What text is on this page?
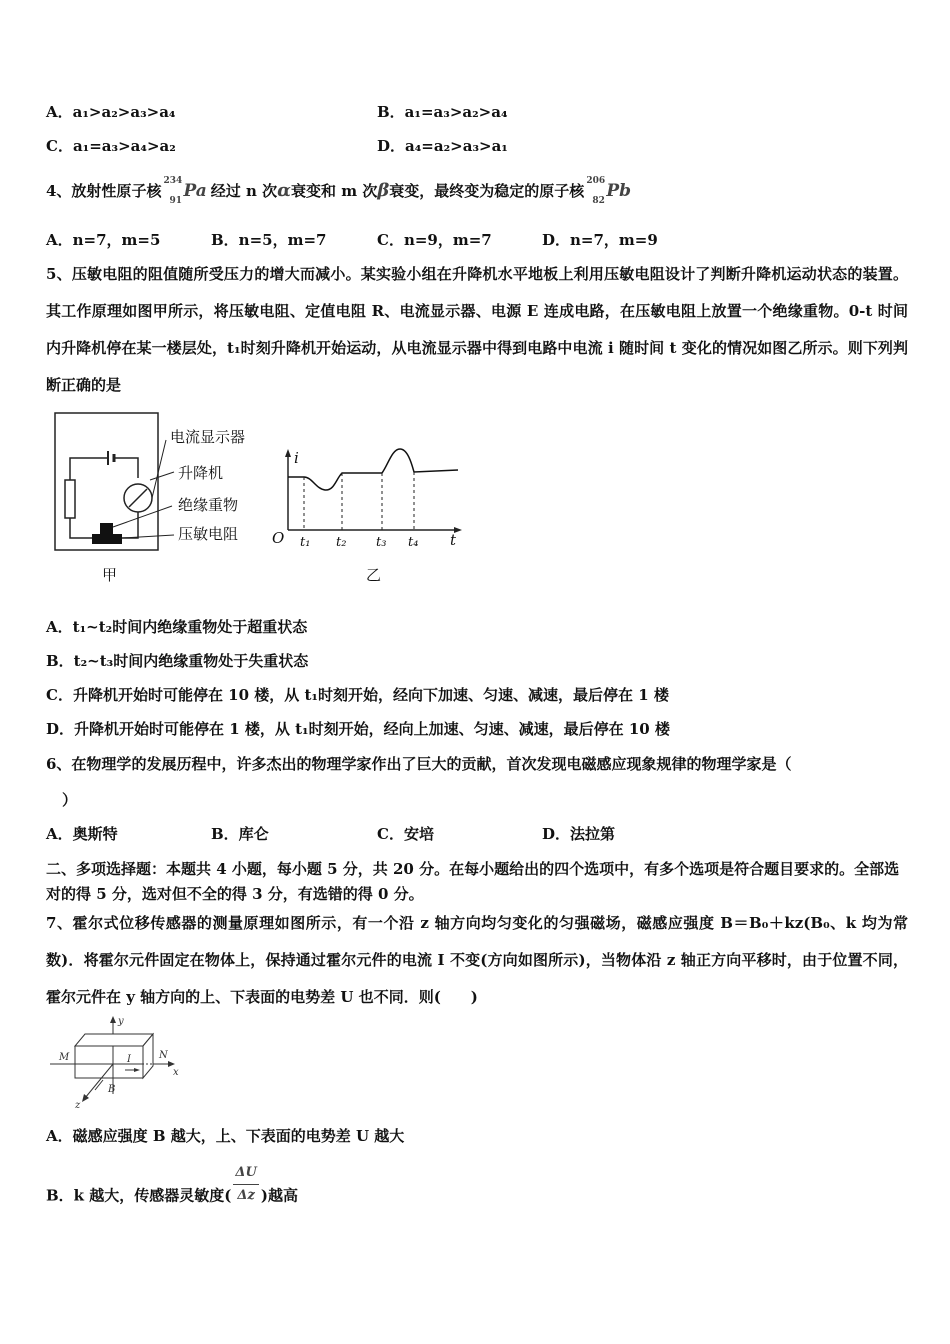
A．a₁>a₂>a₃>a₄	B．a₁=a₃>a₂>a₄
C．a₁=a₃>a₄>a₂	D．a₄=a₂>a₃>a₁
4、放射性原子核
234
91 Pa 经过 n 次α衰变和 m 次β衰变，最终变为稳定的原子核
206
82 Pb
A．n=7，m=5	B．n=5，m=7	C．n=9，m=7	D．n=7，m=9
5、压敏电阻的阻值随所受压力的增大而减小。某实验小组在升降机水平地板上利用压敏电阻设计了判断升降机运动状态的装置。其工作原理如图甲所示，将压敏电阻、定值电阻 R、电流显示器、电源 E 连成电路，在压敏电阻上放置一个绝缘重物。0-t 时间内升降机停在某一楼层处，t₁时刻升降机开始运动，从电流显示器中得到电路中电流 i 随时间 t 变化的情况如图乙所示。则下列判断正确的是
电流显示器
升降机
绝缘重物
压敏电阻
甲
i
t
O t₁ t₂ t₃ t₄
乙
A．t₁~t₂时间内绝缘重物处于超重状态
B．t₂~t₃时间内绝缘重物处于失重状态
C．升降机开始时可能停在 10 楼，从 t₁时刻开始，经向下加速、匀速、减速，最后停在 1 楼
D．升降机开始时可能停在 1 楼，从 t₁时刻开始，经向上加速、匀速、减速，最后停在 10 楼
6、在物理学的发展历程中，许多杰出的物理学家作出了巨大的贡献，首次发现电磁感应现象规律的物理学家是（
）
A．奥斯特	B．库仑	C．安培	D．法拉第
二、多项选择题：本题共 4 小题，每小题 5 分，共 20 分。在每小题给出的四个选项中，有多个选项是符合题目要求的。全部选对的得 5 分，选对但不全的得 3 分，有选错的得 0 分。
7、霍尔式位移传感器的测量原理如图所示，有一个沿 z 轴方向均匀变化的匀强磁场，磁感应强度 B＝B₀＋kz(B₀、k 均为常数)．将霍尔元件固定在物体上，保持通过霍尔元件的电流 I 不变(方向如图所示)，当物体沿 z 轴正方向平移时，由于位置不同，霍尔元件在 y 轴方向的上、下表面的电势差 U 也不同．则(　　)
y
x
z
M	N
I
B
A．磁感应强度 B 越大，上、下表面的电势差 U 越大
B．k 越大，传感器灵敏度( $\frac{\Delta U}{\Delta z}$ )越高
